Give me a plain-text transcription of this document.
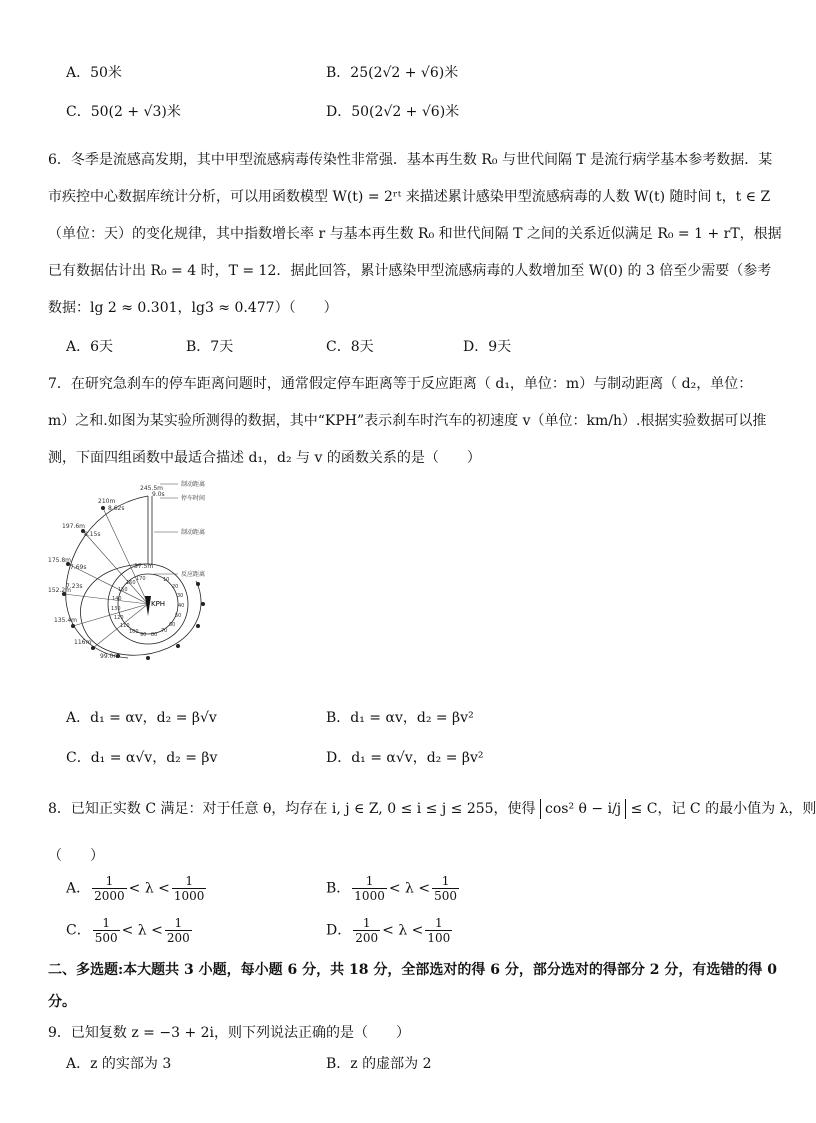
A．50米	B．25(2√2 + √6)米
C．50(2 + √3)米	D．50(2√2 + √6)米
6．冬季是流感高发期，其中甲型流感病毒传染性非常强．基本再生数 R₀ 与世代间隔 T 是流行病学基本参考数据．某
市疾控中心数据库统计分析，可以用函数模型 W(t) = 2ʳᵗ 来描述累计感染甲型流感病毒的人数 W(t) 随时间 t，t ∈ Z
（单位：天）的变化规律，其中指数增长率 r 与基本再生数 R₀ 和世代间隔 T 之间的关系近似满足 R₀ = 1 + rT，根据
已有数据估计出 R₀ = 4 时，T = 12．据此回答，累计感染甲型流感病毒的人数增加至 W(0) 的 3 倍至少需要（参考
数据：lg 2 ≈ 0.301，lg3 ≈ 0.477）（　　）
A．6天	B．7天	C．8天	D．9天
7．在研究急刹车的停车距离问题时，通常假定停车距离等于反应距离（ d₁，单位：m）与制动距离（ d₂，单位：
m）之和.如图为某实验所测得的数据，其中“KPH”表示刹车时汽车的初速度 v（单位：km/h）.根据实验数据可以推
测，下面四组函数中最适合描述 d₁，d₂ 与 v 的函数关系的是（　　）
KPH
245.5m
9.0s
210m
8.62s
197.6m
8.15s
175.8m
7.69s
152.2m
7.23s
135.4m
116m
99.0m
37.5m
170
160
150
140
130
120
110
100 90 80
70
60
50
40
30
20
10
制动距离
停车时间
制动距离
反应距离
A．d₁ = αv，d₂ = β√v	B．d₁ = αv，d₂ = βv²
C．d₁ = α√v，d₂ = βv	D．d₁ = α√v，d₂ = βv²
8．已知正实数 C 满足：对于任意 θ，均存在 i, j ∈ Z, 0 ≤ i ≤ j ≤ 255，使得 cos² θ − i/j ≤ C，记 C 的最小值为 λ，则
（　　）
A． $\frac{1}{2000} < \lambda < \frac{1}{1000}$	B． $\frac{1}{1000} < \lambda < \frac{1}{500}$
C． $\frac{1}{500} < \lambda < \frac{1}{200}$	D． $\frac{1}{200} < \lambda < \frac{1}{100}$
二、多选题:本大题共 3 小题，每小题 6 分，共 18 分，全部选对的得 6 分，部分选对的得部分 2 分，有选错的得 0
分。
9．已知复数 z = −3 + 2i，则下列说法正确的是（　　）
A．z 的实部为 3	B．z 的虚部为 2
